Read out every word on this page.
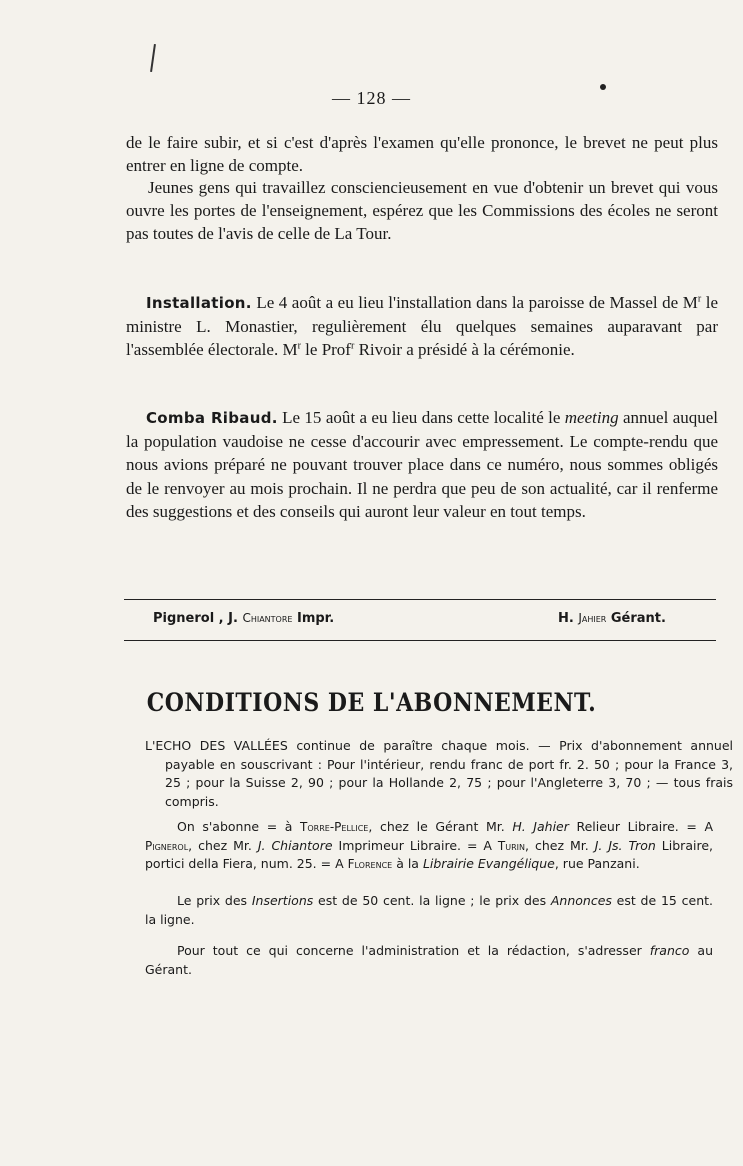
— 128 —
de le faire subir, et si c'est d'après l'examen qu'elle prononce, le brevet ne peut plus entrer en ligne de compte.
Jeunes gens qui travaillez consciencieusement en vue d'obtenir un brevet qui vous ouvre les portes de l'enseignement, espérez que les Commissions des écoles ne seront pas toutes de l'avis de celle de La Tour.
Installation. Le 4 août a eu lieu l'installation dans la paroisse de Massel de $M^r$ le ministre L. Monastier, regulièrement élu quelques semaines auparavant par l'assemblée électorale. $M^r$ le Prof$^r$ Rivoir a présidé à la cérémonie.
Comba Ribaud. Le 15 août a eu lieu dans cette localité le meeting annuel auquel la population vaudoise ne cesse d'accourir avec empressement. Le compte-rendu que nous avions préparé ne pouvant trouver place dans ce numéro, nous sommes obligés de le renvoyer au mois prochain. Il ne perdra que peu de son actualité, car il renferme des suggestions et des conseils qui auront leur valeur en tout temps.
Pignerol , J. Chiantore Impr.	H. Jahier Gérant.
CONDITIONS DE L'ABONNEMENT.
L'ECHO DES VALLÉES continue de paraître chaque mois. — Prix d'abonnement annuel payable en souscrivant : Pour l'intérieur, rendu franc de port fr. 2. 50 ; pour la France 3, 25 ; pour la Suisse 2, 90 ; pour la Hollande 2, 75 ; pour l'Angleterre 3, 70 ; — tous frais compris.
On s'abonne = à Torre-Pellice, chez le Gérant Mr. H. Jahier Relieur Libraire. = A Pignerol, chez Mr. J. Chiantore Imprimeur Libraire. = A Turin, chez Mr. J. Js. Tron Libraire, portici della Fiera, num. 25. = A Florence à la Librairie Evangélique, rue Panzani.
Le prix des Insertions est de 50 cent. la ligne ; le prix des Annonces est de 15 cent. la ligne.
Pour tout ce qui concerne l'administration et la rédaction, s'adresser franco au Gérant.
